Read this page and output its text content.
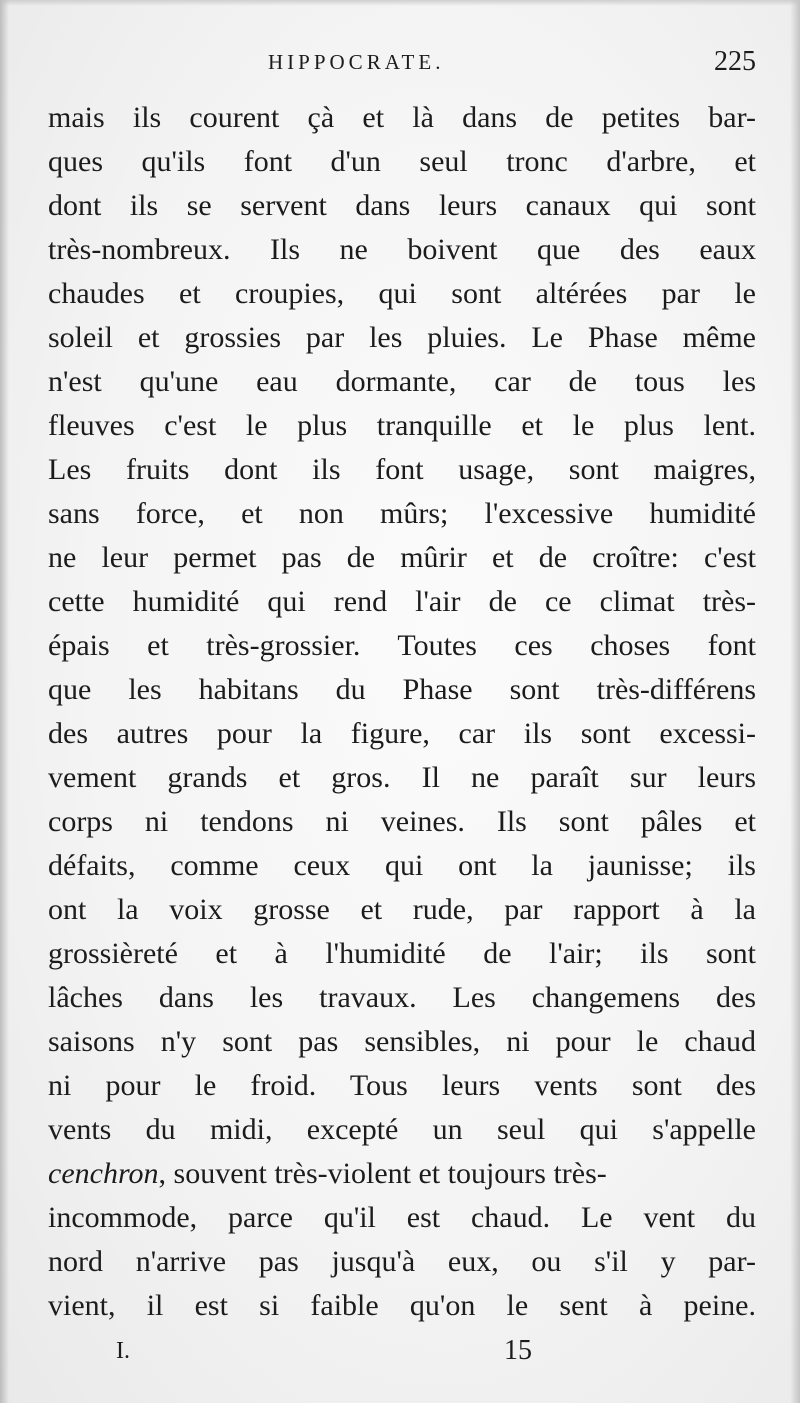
HIPPOCRATE.	225
mais ils courent çà et là dans de petites bar-
ques qu'ils font d'un seul tronc d'arbre, et
dont ils se servent dans leurs canaux qui sont
très-nombreux. Ils ne boivent que des eaux
chaudes et croupies, qui sont altérées par le
soleil et grossies par les pluies. Le Phase même
n'est qu'une eau dormante, car de tous les
fleuves c'est le plus tranquille et le plus lent.
Les fruits dont ils font usage, sont maigres,
sans force, et non mûrs; l'excessive humidité
ne leur permet pas de mûrir et de croître: c'est
cette humidité qui rend l'air de ce climat très-
épais et très-grossier. Toutes ces choses font
que les habitans du Phase sont très-différens
des autres pour la figure, car ils sont excessi-
vement grands et gros. Il ne paraît sur leurs
corps ni tendons ni veines. Ils sont pâles et
défaits, comme ceux qui ont la jaunisse; ils
ont la voix grosse et rude, par rapport à la
grossièreté et à l'humidité de l'air; ils sont
lâches dans les travaux. Les changemens des
saisons n'y sont pas sensibles, ni pour le chaud
ni pour le froid. Tous leurs vents sont des
vents du midi, excepté un seul qui s'appelle
cenchron, souvent très-violent et toujours très-
incommode, parce qu'il est chaud. Le vent du
nord n'arrive pas jusqu'à eux, ou s'il y par-
vient, il est si faible qu'on le sent à peine.
I.	15
